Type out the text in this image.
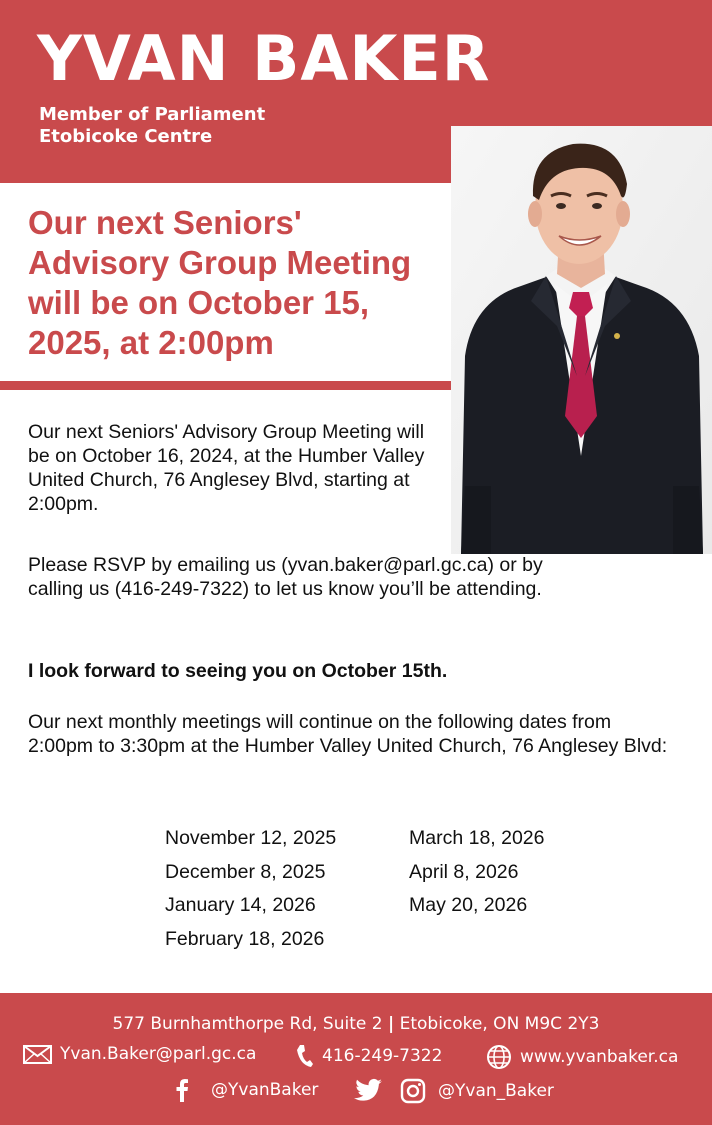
YVAN BAKER
Member of Parliament
Etobicoke Centre
Our next Seniors' Advisory Group Meeting will be on October 15, 2025, at 2:00pm

Our next Seniors' Advisory Group Meeting will be on October 16, 2024, at the Humber Valley United Church, 76 Anglesey Blvd, starting at 2:00pm.

Please RSVP by emailing us (yvan.baker@parl.gc.ca) or by calling us (416-249-7322) to let us know you’ll be attending.

I look forward to seeing you on October 15th.

Our next monthly meetings will continue on the following dates from 2:00pm to 3:30pm at the Humber Valley United Church, 76 Anglesey Blvd:

November 12, 2025
December 8, 2025
January 14, 2026
February 18, 2026
March 18, 2026
April 8, 2026
May 20, 2026
577 Burnhamthorpe Rd, Suite 2 | Etobicoke, ON M9C 2Y3
Yvan.Baker@parl.gc.ca	416-249-7322	www.yvanbaker.ca
@YvanBaker	@Yvan_Baker
